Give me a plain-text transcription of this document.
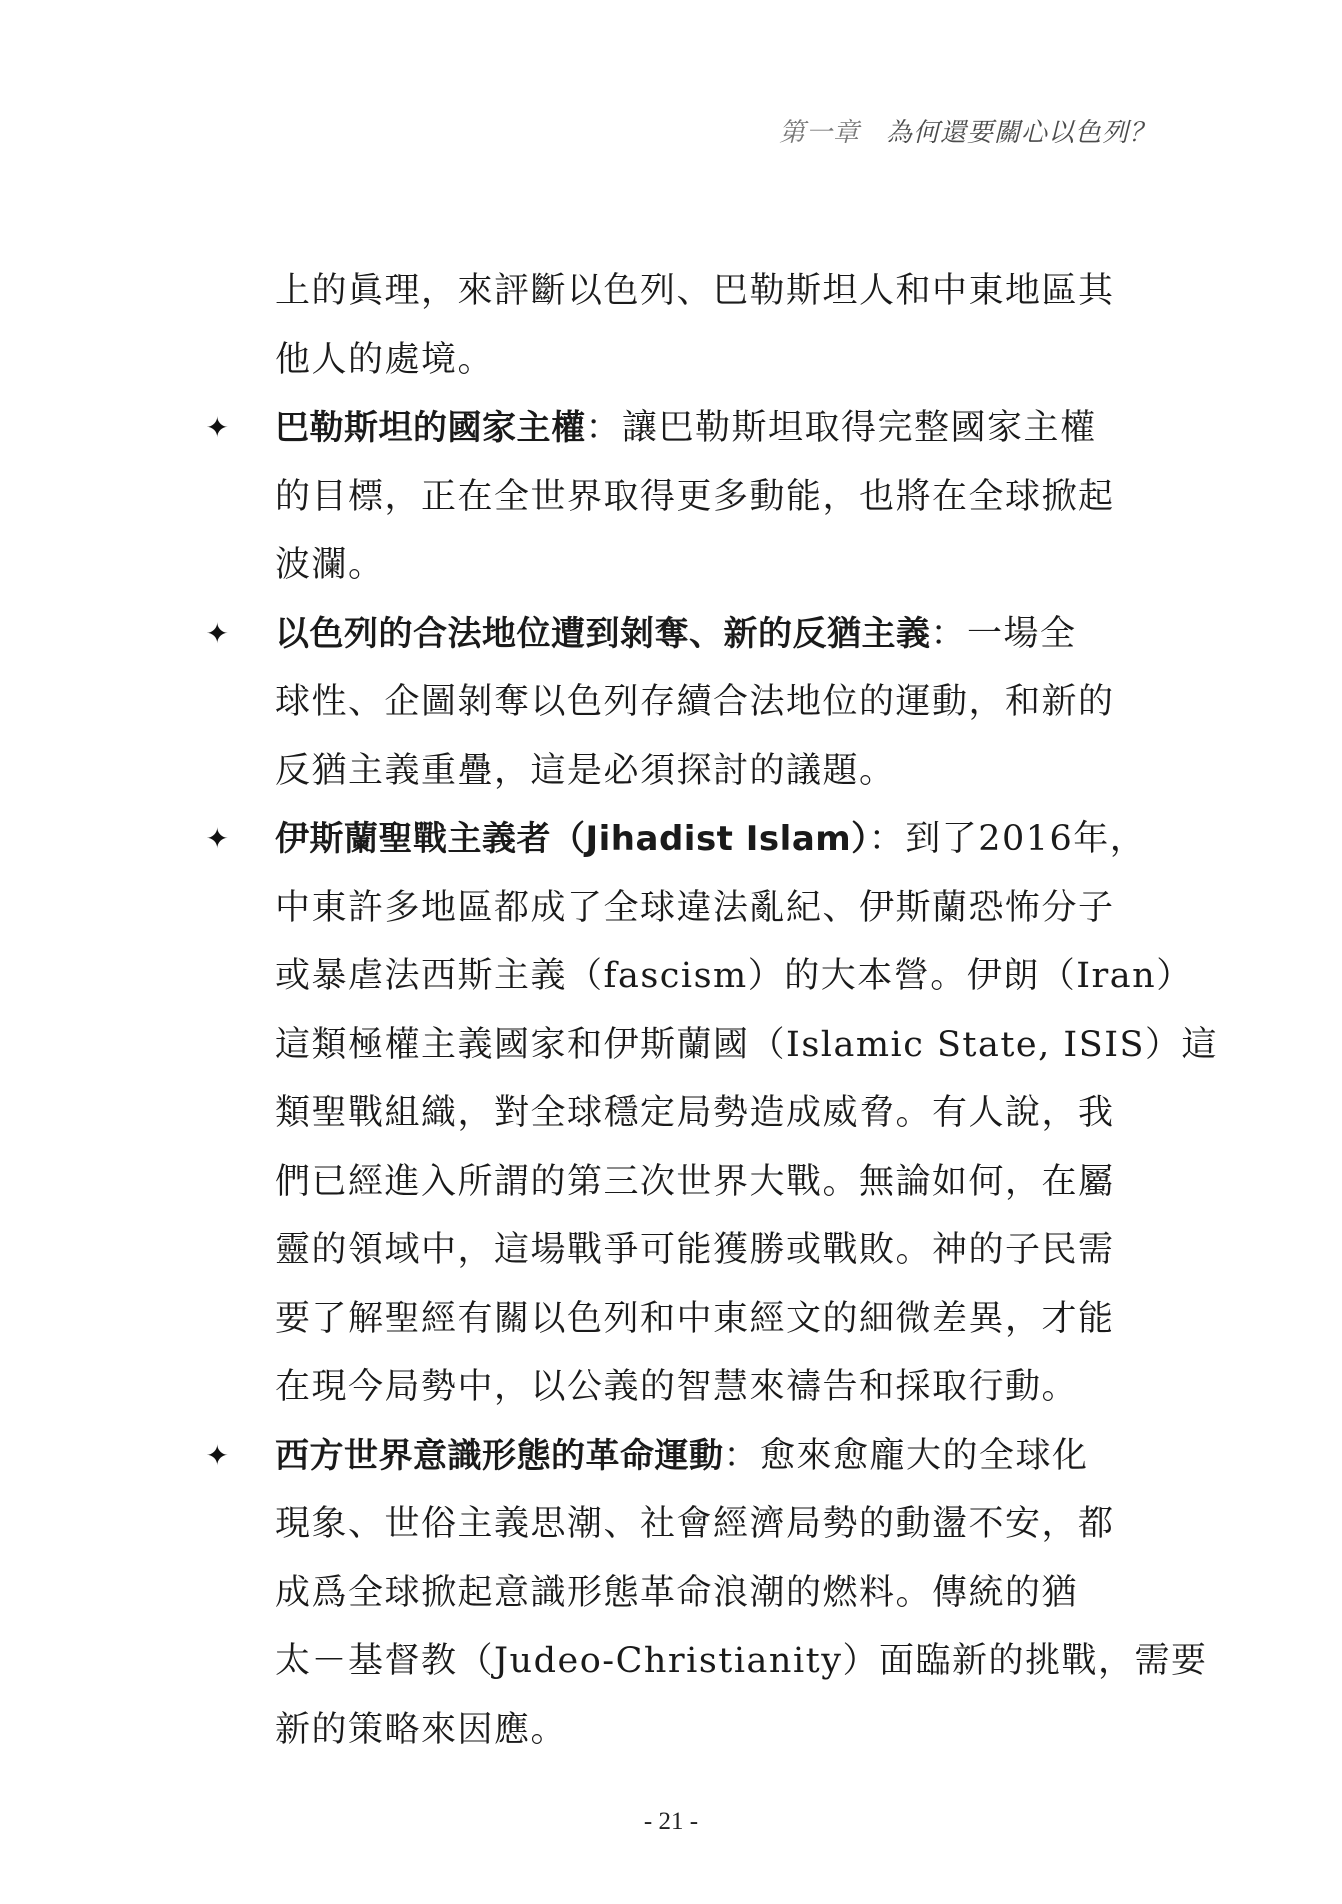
第一章 為何還要關心以色列？
上的眞理，來評斷以色列、巴勒斯坦人和中東地區其
他人的處境。
✦ 巴勒斯坦的國家主權：讓巴勒斯坦取得完整國家主權
的目標，正在全世界取得更多動能，也將在全球掀起
波瀾。
✦ 以色列的合法地位遭到剝奪、新的反猶主義：一場全
球性、企圖剝奪以色列存續合法地位的運動，和新的
反猶主義重疊，這是必須探討的議題。
✦ 伊斯蘭聖戰主義者（Jihadist Islam）：到了2016年，
中東許多地區都成了全球違法亂紀、伊斯蘭恐怖分子
或暴虐法西斯主義（fascism）的大本營。伊朗（Iran）
這類極權主義國家和伊斯蘭國（Islamic State, ISIS）這
類聖戰組織，對全球穩定局勢造成威脅。有人說，我
們已經進入所謂的第三次世界大戰。無論如何，在屬
靈的領域中，這場戰爭可能獲勝或戰敗。神的子民需
要了解聖經有關以色列和中東經文的細微差異，才能
在現今局勢中，以公義的智慧來禱告和採取行動。
✦ 西方世界意識形態的革命運動：愈來愈龐大的全球化
現象、世俗主義思潮、社會經濟局勢的動盪不安，都
成爲全球掀起意識形態革命浪潮的燃料。傳統的猶
太－基督教（Judeo-Christianity）面臨新的挑戰，需要
新的策略來因應。
- 21 -
